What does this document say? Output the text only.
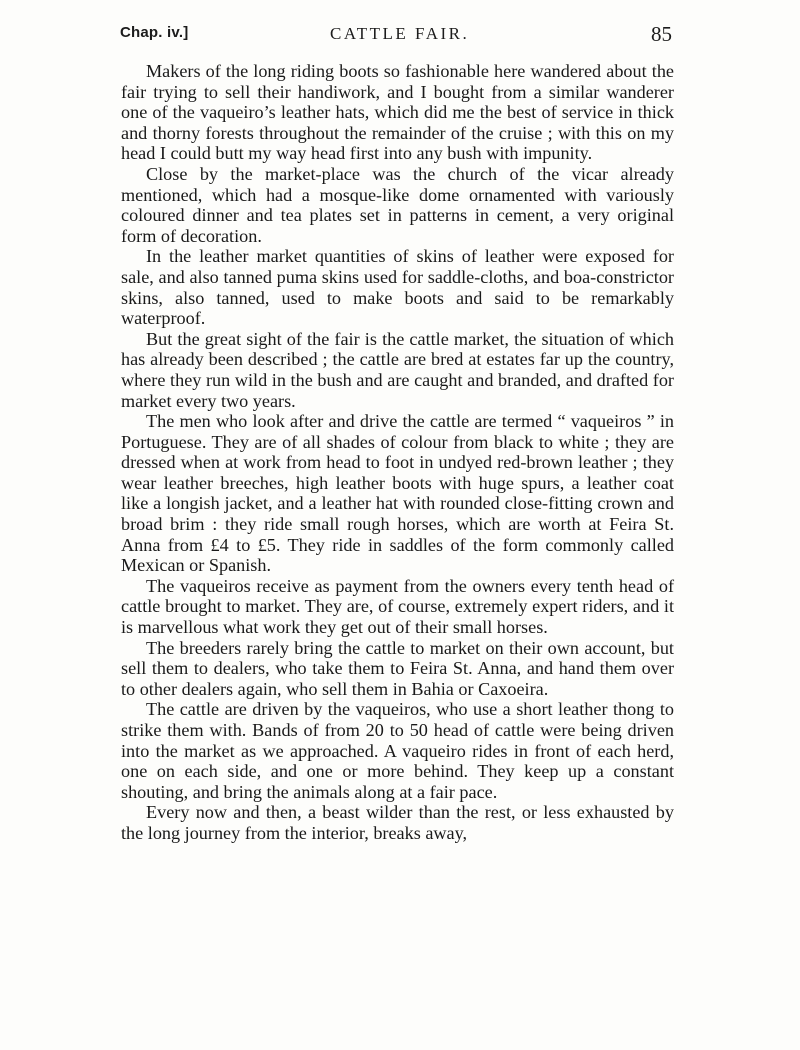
Chap. iv.]	CATTLE FAIR.	85

Makers of the long riding boots so fashionable here wandered about the fair trying to sell their handiwork, and I bought from a similar wanderer one of the vaqueiro’s leather hats, which did me the best of service in thick and thorny forests throughout the remainder of the cruise ; with this on my head I could butt my way head first into any bush with impunity.

Close by the market-place was the church of the vicar already mentioned, which had a mosque-like dome ornamented with variously coloured dinner and tea plates set in patterns in cement, a very original form of decoration.

In the leather market quantities of skins of leather were exposed for sale, and also tanned puma skins used for saddle-cloths, and boa-constrictor skins, also tanned, used to make boots and said to be remarkably waterproof.

But the great sight of the fair is the cattle market, the situation of which has already been described ; the cattle are bred at estates far up the country, where they run wild in the bush and are caught and branded, and drafted for market every two years.

The men who look after and drive the cattle are termed “ vaqueiros ” in Portuguese. They are of all shades of colour from black to white ; they are dressed when at work from head to foot in undyed red-brown leather ; they wear leather breeches, high leather boots with huge spurs, a leather coat like a longish jacket, and a leather hat with rounded close-fitting crown and broad brim : they ride small rough horses, which are worth at Feira St. Anna from £4 to £5. They ride in saddles of the form commonly called Mexican or Spanish.

The vaqueiros receive as payment from the owners every tenth head of cattle brought to market. They are, of course, extremely expert riders, and it is marvellous what work they get out of their small horses.

The breeders rarely bring the cattle to market on their own account, but sell them to dealers, who take them to Feira St. Anna, and hand them over to other dealers again, who sell them in Bahia or Caxoeira.

The cattle are driven by the vaqueiros, who use a short leather thong to strike them with. Bands of from 20 to 50 head of cattle were being driven into the market as we approached. A vaqueiro rides in front of each herd, one on each side, and one or more behind. They keep up a constant shouting, and bring the animals along at a fair pace.

Every now and then, a beast wilder than the rest, or less exhausted by the long journey from the interior, breaks away,
